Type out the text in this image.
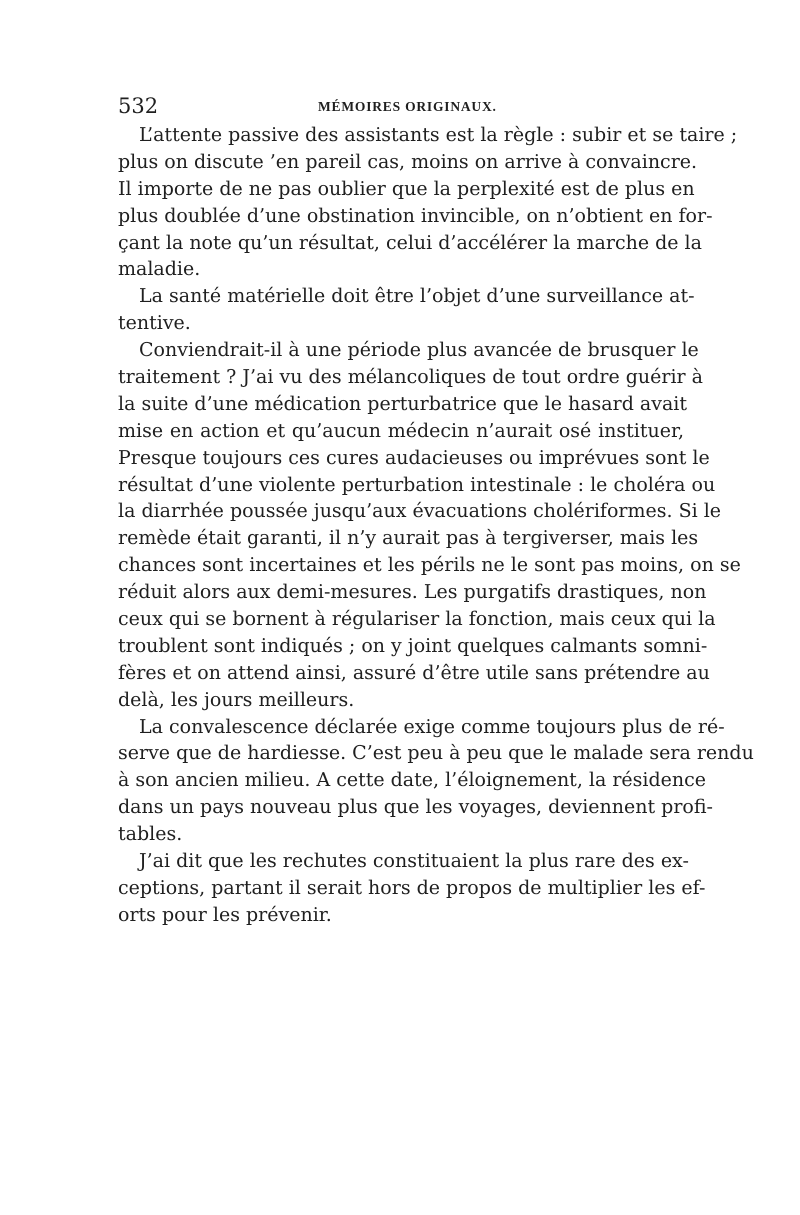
532	MÉMOIRES ORIGINAUX.
L’attente passive des assistants est la règle : subir et se taire ;
plus on discute ’en pareil cas, moins on arrive à convaincre.
Il importe de ne pas oublier que la perplexité est de plus en
plus doublée d’une obstination invincible, on n’obtient en for-
çant la note qu’un résultat, celui d’accélérer la marche de la
maladie.
La santé matérielle doit être l’objet d’une surveillance at-
tentive.
Conviendrait-il à une période plus avancée de brusquer le
traitement ? J’ai vu des mélancoliques de tout ordre guérir à
la suite d’une médication perturbatrice que le hasard avait
mise en action et qu’aucun médecin n’aurait osé instituer,
Presque toujours ces cures audacieuses ou imprévues sont le
résultat d’une violente perturbation intestinale : le choléra ou
la diarrhée poussée jusqu’aux évacuations cholériformes. Si le
remède était garanti, il n’y aurait pas à tergiverser, mais les
chances sont incertaines et les périls ne le sont pas moins, on se
réduit alors aux demi-mesures. Les purgatifs drastiques, non
ceux qui se bornent à régulariser la fonction, mais ceux qui la
troublent sont indiqués ; on y joint quelques calmants somni-
fères et on attend ainsi, assuré d’être utile sans prétendre au
delà, les jours meilleurs.
La convalescence déclarée exige comme toujours plus de ré-
serve que de hardiesse. C’est peu à peu que le malade sera rendu
à son ancien milieu. A cette date, l’éloignement, la résidence
dans un pays nouveau plus que les voyages, deviennent profi-
tables.
J’ai dit que les rechutes constituaient la plus rare des ex-
ceptions, partant il serait hors de propos de multiplier les ef-
orts pour les prévenir.
